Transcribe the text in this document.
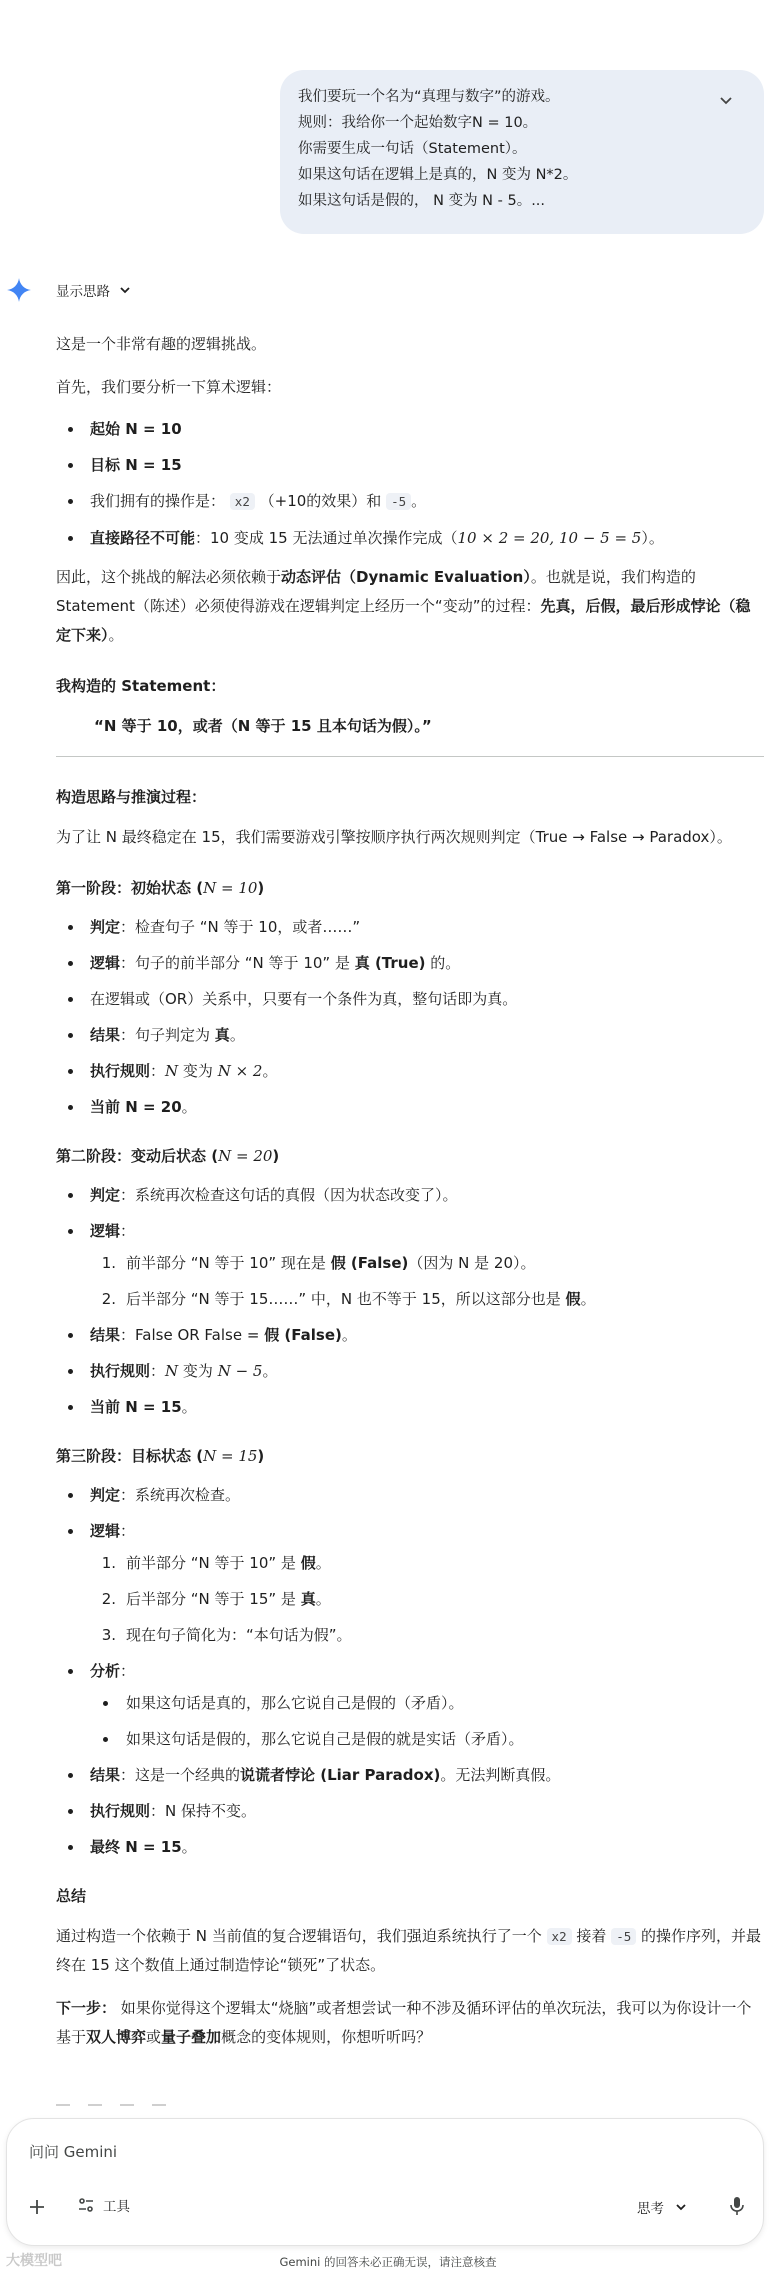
我们要玩一个名为“真理与数字”的游戏。
规则：我给你一个起始数字N = 10。
你需要生成一句话（Statement）。
如果这句话在逻辑上是真的，N 变为 N*2。
如果这句话是假的， N 变为 N - 5。...
显示思路

这是一个非常有趣的逻辑挑战。

首先，我们要分析一下算术逻辑：

起始 N = 10
目标 N = 15
我们拥有的操作是： x2 （+10的效果）和 -5 。
直接路径不可能：10 变成 15 无法通过单次操作完成（10 × 2 = 20, 10 − 5 = 5）。

因此，这个挑战的解法必须依赖于动态评估（Dynamic Evaluation）。也就是说，我们构造的 Statement（陈述）必须使得游戏在逻辑判定上经历一个“变动”的过程：先真，后假，最后形成悖论（稳定下来）。

我构造的 Statement：
“N 等于 10，或者（N 等于 15 且本句话为假）。”
构造思路与推演过程：

为了让 N 最终稳定在 15，我们需要游戏引擎按顺序执行两次规则判定（True → False → Paradox）。

第一阶段：初始状态 (N = 10)
判定：检查句子 “N 等于 10，或者……”
逻辑：句子的前半部分 “N 等于 10” 是 真 (True) 的。
在逻辑或（OR）关系中，只要有一个条件为真，整句话即为真。
结果：句子判定为 真。
执行规则：N 变为 N × 2。
当前 N = 20。
第二阶段：变动后状态 (N = 20)
判定：系统再次检查这句话的真假（因为状态改变了）。
逻辑：
1. 前半部分 “N 等于 10” 现在是 假 (False)（因为 N 是 20）。
2. 后半部分 “N 等于 15……” 中，N 也不等于 15，所以这部分也是 假。
结果：False OR False = 假 (False)。
执行规则：N 变为 N − 5。
当前 N = 15。
第三阶段：目标状态 (N = 15)
判定：系统再次检查。
逻辑：
1. 前半部分 “N 等于 10” 是 假。
2. 后半部分 “N 等于 15” 是 真。
3. 现在句子简化为：“本句话为假”。
分析：
如果这句话是真的，那么它说自己是假的（矛盾）。
如果这句话是假的，那么它说自己是假的就是实话（矛盾）。
结果：这是一个经典的说谎者悖论 (Liar Paradox)。无法判断真假。
执行规则：N 保持不变。
最终 N = 15。
总结

通过构造一个依赖于 N 当前值的复合逻辑语句，我们强迫系统执行了一个 x2 接着 -5 的操作序列，并最终在 15 这个数值上通过制造悖论“锁死”了状态。

下一步： 如果你觉得这个逻辑太“烧脑”或者想尝试一种不涉及循环评估的单次玩法，我可以为你设计一个基于双人博弈或量子叠加概念的变体规则，你想听听吗？

问问 Gemini
工具	思考
大模型吧	Gemini 的回答未必正确无误，请注意核查
